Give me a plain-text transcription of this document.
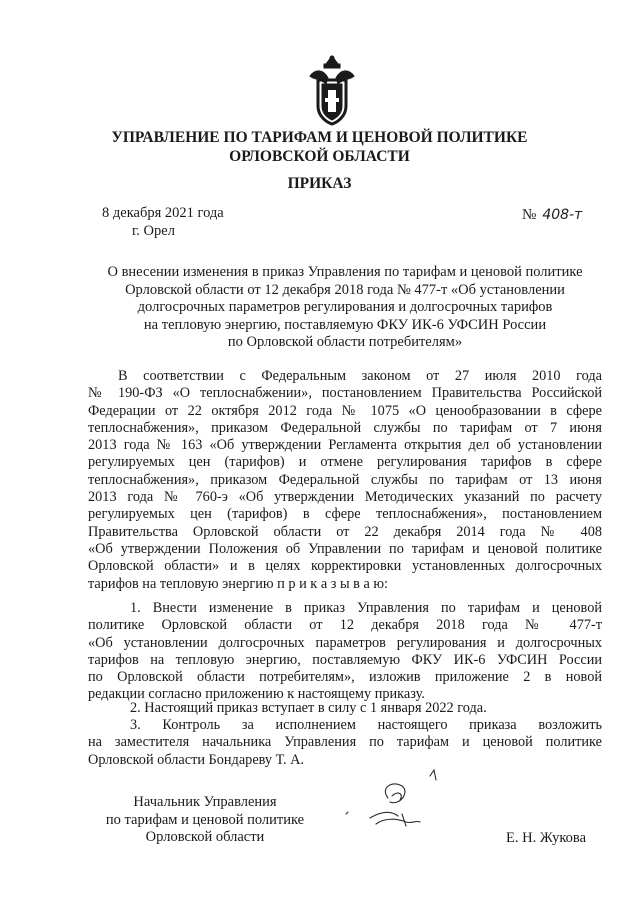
УПРАВЛЕНИЕ ПО ТАРИФАМ И ЦЕНОВОЙ ПОЛИТИКЕ
ОРЛОВСКОЙ ОБЛАСТИ
ПРИКАЗ
8 декабря 2021 года
г. Орел
№ 408-т
О внесении изменения в приказ Управления по тарифам и ценовой политике
Орловской области от 12 декабря 2018 года № 477-т «Об установлении
долгосрочных параметров регулирования и долгосрочных тарифов
на тепловую энергию, поставляемую ФКУ ИК-6 УФСИН России
по Орловской области потребителям»
В соответствии с Федеральным законом от 27 июля 2010 года
№ 190-ФЗ «О теплоснабжении», постановлением Правительства Российской
Федерации от 22 октября 2012 года № 1075 «О ценообразовании в сфере
теплоснабжения», приказом Федеральной службы по тарифам от 7 июня
2013 года № 163 «Об утверждении Регламента открытия дел об установлении
регулируемых цен (тарифов) и отмене регулирования тарифов в сфере
теплоснабжения», приказом Федеральной службы по тарифам от 13 июня
2013 года № 760-э «Об утверждении Методических указаний по расчету
регулируемых цен (тарифов) в сфере теплоснабжения», постановлением
Правительства Орловской области от 22 декабря 2014 года № 408
«Об утверждении Положения об Управлении по тарифам и ценовой политике
Орловской области» и в целях корректировки установленных долгосрочных
тарифов на тепловую энергию п р и к а з ы в а ю:
1. Внести изменение в приказ Управления по тарифам и ценовой
политике Орловской области от 12 декабря 2018 года № 477-т
«Об установлении долгосрочных параметров регулирования и долгосрочных
тарифов на тепловую энергию, поставляемую ФКУ ИК-6 УФСИН России
по Орловской области потребителям», изложив приложение 2 в новой
редакции согласно приложению к настоящему приказу.
2. Настоящий приказ вступает в силу с 1 января 2022 года.
3. Контроль за исполнением настоящего приказа возложить
на заместителя начальника Управления по тарифам и ценовой политике
Орловской области Бондареву Т. А.
Начальник Управления
по тарифам и ценовой политике
Орловской области	Е. Н. Жукова
